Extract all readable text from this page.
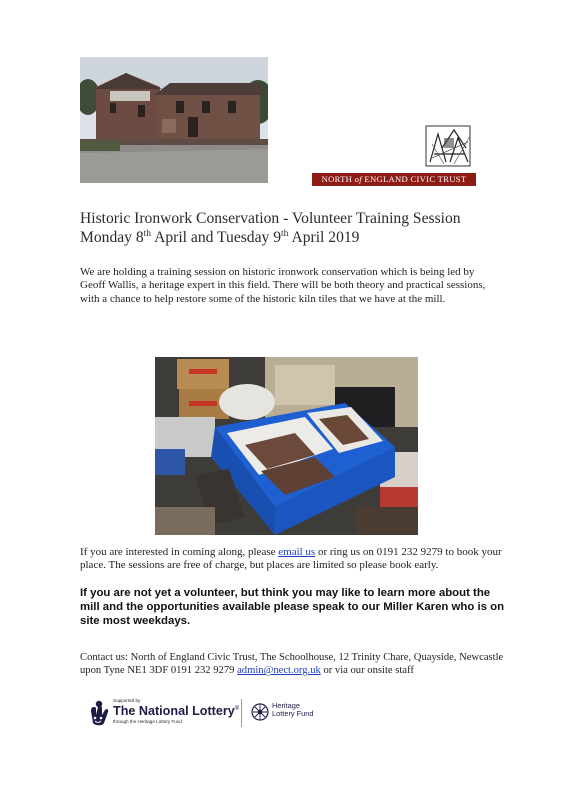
NORTH of ENGLAND CIVIC TRUST
Historic Ironwork Conservation - Volunteer Training Session
Monday 8th April and Tuesday 9th April 2019

We are holding a training session on historic ironwork conservation which is being led by Geoff Wallis, a heritage expert in this field. There will be both theory and practical sessions, with a chance to help restore some of the historic kiln tiles that we have at the mill.

If you are interested in coming along, please email us or ring us on 0191 232 9279 to book your place. The sessions are free of charge, but places are limited so please book early.

If you are not yet a volunteer, but think you may like to learn more about the mill and the opportunities available please speak to our Miller Karen who is on site most weekdays.

Contact us: North of England Civic Trust, The Schoolhouse, 12 Trinity Chare, Quayside, Newcastle upon Tyne NE1 3DF 0191 232 9279 admin@nect.org.uk or via our onsite staff

Supported by
The National Lottery®
through the Heritage Lottery Fund
Heritage
Lottery Fund
